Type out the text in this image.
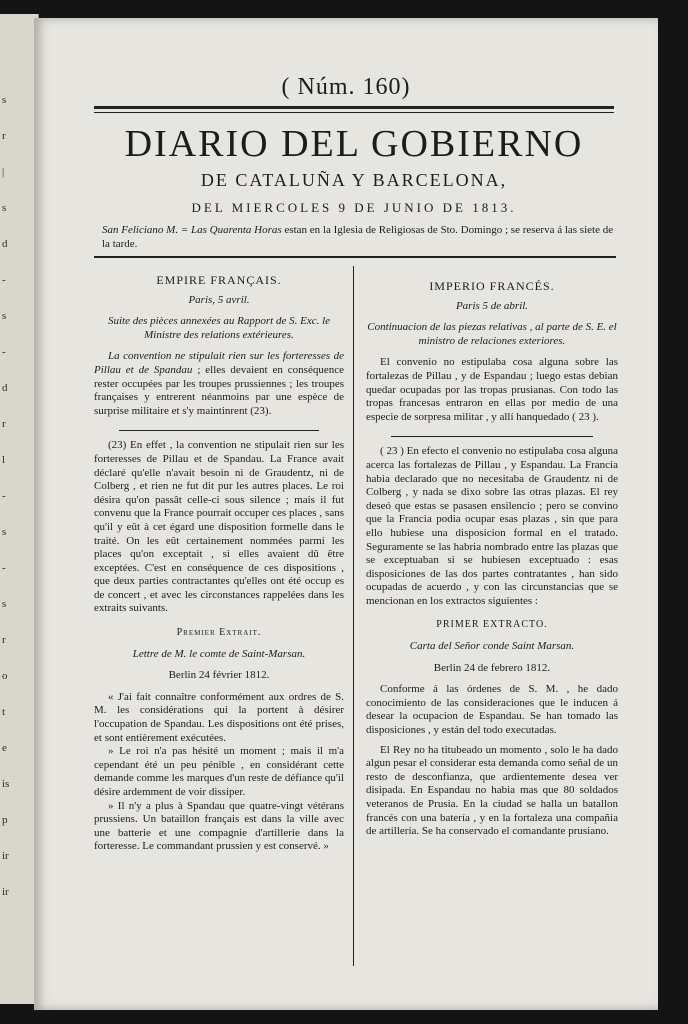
s
r
|
s
d
-
s
-
d
r
l
-
s
-
s
r
o
t
e
is
p
ir
ir
( Núm. 160)
DIARIO DEL GOBIERNO
DE CATALUÑA Y BARCELONA,
DEL MIERCOLES 9 DE JUNIO DE 1813.
San Feliciano M. = Las Quarenta Horas estan en la Iglesia de Religiosas de Sto. Domingo ; se reserva á las siete de la tarde.

EMPIRE FRANÇAIS.

Paris, 5 avril.

Suite des pièces annexées au Rapport de S. Exc. le Ministre des relations extérieures.

La convention ne stipulait rien sur les forteresses de Pillau et de Spandau ; elles devaient en conséquence rester occupées par les troupes prussiennes ; les troupes françaises y entrerent néanmoins par une espèce de surprise militaire et s'y maintinrent (23).

(23) En effet , la convention ne stipulait rien sur les forteresses de Pillau et de Spandau. La France avait déclaré qu'elle n'avait besoin ni de Graudentz, ni de Colberg , et rien ne fut dit pur les autres places. Le roi désira qu'on passât celle-ci sous silence ; mais il fut convenu que la France pourrait occuper ces places , sans qu'il y eût à cet égard une disposition formelle dans le traité. On les eût certainement nommées parmi les places qu'on exceptait , si elles avaient dû être exceptées. C'est en conséquence de ces dispositions , que deux parties contractantes qu'elles ont été occup es de concert , et avec les circonstances rappelées dans les extraits suivants.

Premier Extrait.

Lettre de M. le comte de Saint-Marsan.

Berlin 24 février 1812.

« J'ai fait connaître conformément aux ordres de S. M. les considérations qui la portent à désirer l'occupation de Spandau. Les dispositions ont été prises, et sont entièrement exécutées.

» Le roi n'a pas hésité un moment ; mais il m'a cependant été un peu pénible , en considérant cette demande comme les marques d'un reste de défiance qu'il désire ardemment de voir dissiper.

» Il n'y a plus à Spandau que quatre-vingt vétérans prussiens. Un bataillon français est dans la ville avec une batterie et une compagnie d'artillerie dans la forteresse. Le commandant prussien y est conservé. »

IMPERIO FRANCÉS.

Paris 5 de abril.

Continuacion de las piezas relativas , al parte de S. E. el ministro de relaciones exteriores.

El convenio no estipulaba cosa alguna sobre las fortalezas de Pillau , y de Espandau ; luego estas debian quedar ocupadas por las tropas prusianas. Con todo las tropas francesas entraron en ellas por medio de una especie de sorpresa militar , y allí hanquedado ( 23 ).

( 23 ) En efecto el convenio no estipulaba cosa alguna acerca las fortalezas de Pillau , y Espandau. La Francia habia declarado que no necesitaba de Graudentz ni de Colberg , y nada se dixo sobre las otras plazas. El rey deseó que estas se pasasen ensilencio ; pero se convino que la Francia podia ocupar esas plazas , sin que para ello hubiese una disposicion formal en el tratado. Seguramente se las habria nombrado entre las plazas que se exceptuaban si se hubiesen exceptuado : esas disposiciones de las dos partes contratantes , han sido ocupadas de acuerdo , y con las circunstancias que se mencionan en los extractos siguientes :

PRIMER EXTRACTO.

Carta del Señor conde Saint Marsan.

Berlin 24 de febrero 1812.

Conforme á las órdenes de S. M. , he dado conocimiento de las consideraciones que le inducen á desear la ocupacion de Espandau. Se han tomado las disposiciones , y están del todo executadas.

El Rey no ha titubeado un momento , solo le ha dado algun pesar el considerar esta demanda como señal de un resto de desconfianza, que ardientemente desea ver disipada. En Espandau no habia mas que 80 soldados veteranos de Prusia. En la ciudad se halla un batallon francés con una batería , y en la fortaleza una compañia de artillería. Se ha conservado el comandante prusiano.
